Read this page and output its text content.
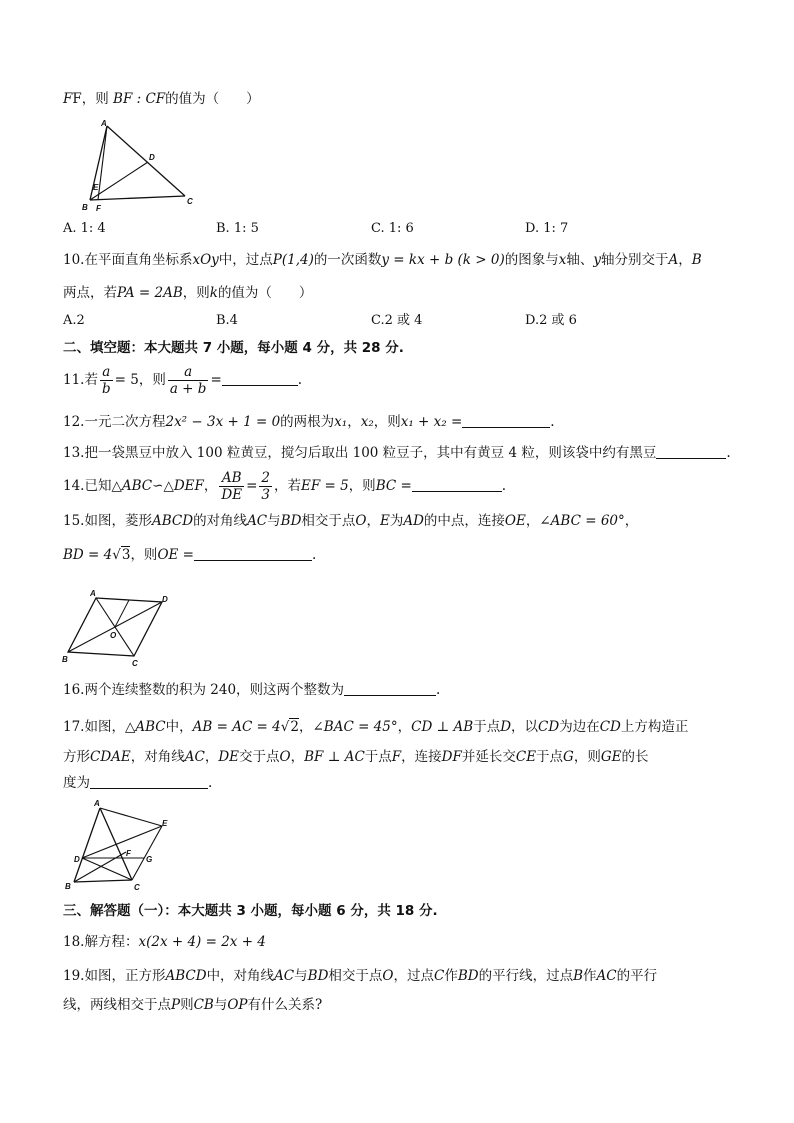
FF，则 BF : CF的值为（　　）
A
D
E
B F
C
A. 1: 4	B. 1: 5	C. 1: 6	D. 1: 7
10.在平面直角坐标系xOy中，过点P(1,4)的一次函数y = kx + b (k > 0)的图象与x轴、y轴分别交于A，B
两点，若PA = 2AB，则k的值为（　　）
A.2	B.4	C.2 或 4	D.2 或 6
二、填空题：本大题共 7 小题，每小题 4 分，共 28 分.
11.若 $\frac{a}{b} = 5$，则 $\frac{a}{a + b}$ =	.
12.一元二次方程2x² − 3x + 1 = 0的两根为x₁，x₂，则x₁ + x₂ =	.
13.把一袋黑豆中放入 100 粒黄豆，搅匀后取出 100 粒豆子，其中有黄豆 4 粒，则该袋中约有黑豆	.
14.已知△ABC∽△DEF， $\frac{AB}{DE} = \frac{2}{3}$ ，若EF = 5，则BC =	.
15.如图，菱形ABCD的对角线AC与BD相交于点O，E为AD的中点，连接OE，∠ABC = 60°，
BD = 4√3，则OE =	.
A
D
O
B	C
16.两个连续整数的积为 240，则这两个整数为	.
17.如图，△ABC中，AB = AC = 4√2，∠BAC = 45°，CD ⊥ AB于点D，以CD为边在CD上方构造正
方形CDAE，对角线AC，DE交于点O，BF ⊥ AC于点F，连接DF并延长交CE于点G，则GE的长
度为	.
A
E
D
F
G
B	C
三、解答题（一）：本大题共 3 小题，每小题 6 分，共 18 分.
18.解方程：x(2x + 4) = 2x + 4
19.如图，正方形ABCD中，对角线AC与BD相交于点O，过点C作BD的平行线，过点B作AC的平行
线，两线相交于点P则CB与OP有什么关系?
